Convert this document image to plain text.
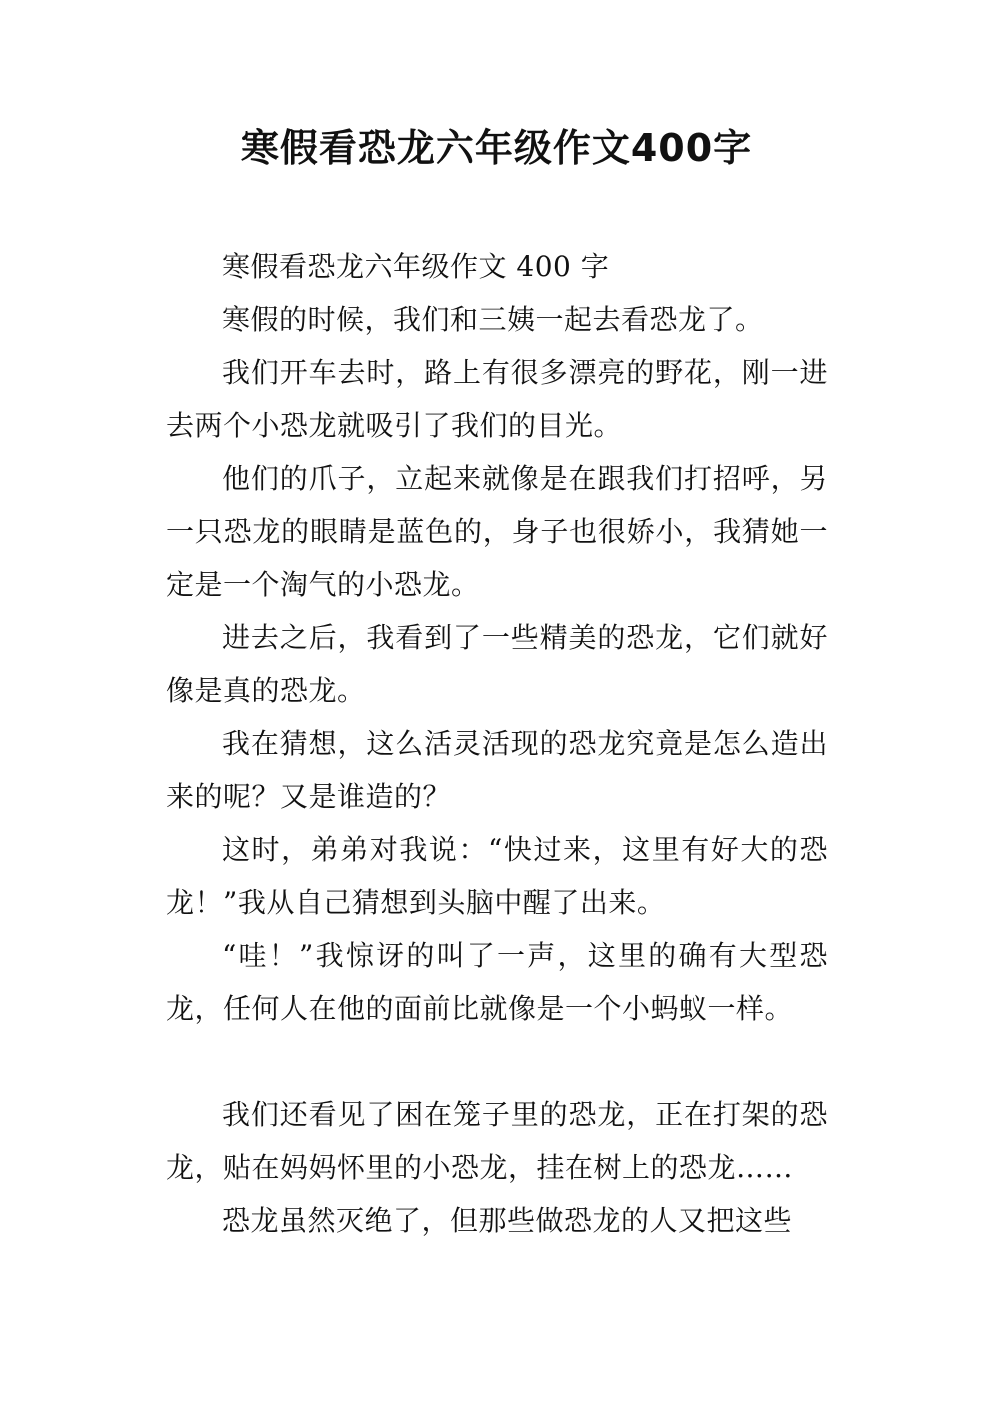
寒假看恐龙六年级作文400字

寒假看恐龙六年级作文 400 字

寒假的时候，我们和三姨一起去看恐龙了。

我们开车去时，路上有很多漂亮的野花，刚一进去两个小恐龙就吸引了我们的目光。

他们的爪子，立起来就像是在跟我们打招呼，另一只恐龙的眼睛是蓝色的，身子也很娇小，我猜她一定是一个淘气的小恐龙。

进去之后，我看到了一些精美的恐龙，它们就好像是真的恐龙。

我在猜想，这么活灵活现的恐龙究竟是怎么造出来的呢？又是谁造的？

这时，弟弟对我说：“快过来，这里有好大的恐龙！”我从自己猜想到头脑中醒了出来。

“哇！”我惊讶的叫了一声，这里的确有大型恐龙，任何人在他的面前比就像是一个小蚂蚁一样。

我们还看见了困在笼子里的恐龙，正在打架的恐龙，贴在妈妈怀里的小恐龙，挂在树上的恐龙……

恐龙虽然灭绝了，但那些做恐龙的人又把这些
